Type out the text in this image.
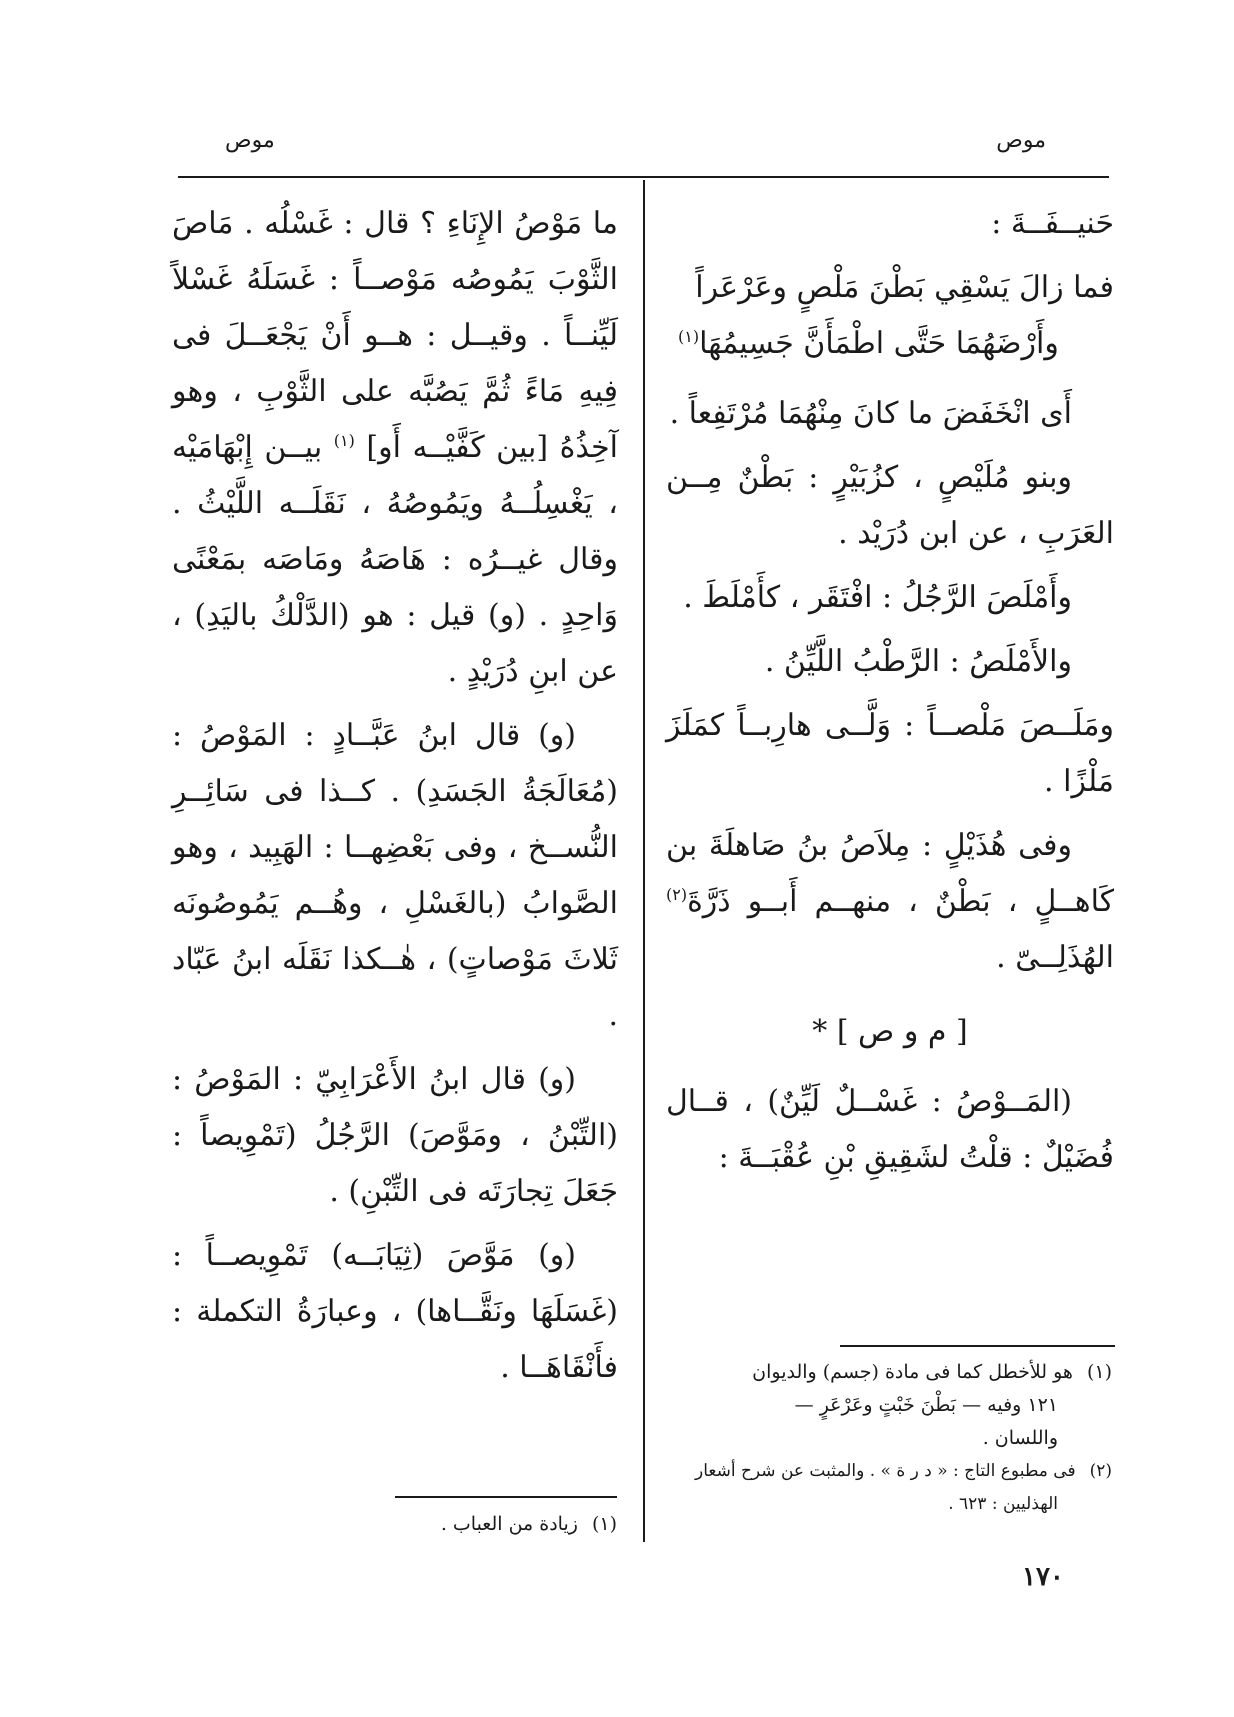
موص
موص

حَنيــفَــةَ :

فما زالَ يَسْقِي بَطْنَ مَلْصٍ وعَرْعَراً

وأَرْضَهُمَا حَتَّى اطْمَأَنَّ جَسِيمُهَا$^{(١)}$

أَى انْخَفَضَ ما كانَ مِنْهُمَا مُرْتَفِعاً .

وبنو مُلَيْصٍ ، كزُبَيْرٍ : بَطْنٌ مِــن العَرَبِ ، عن ابن دُرَيْد .

وأَمْلَصَ الرَّجُلُ : افْتَقَر ، كأَمْلَطَ .

والأَمْلَصُ : الرَّطْبُ اللَّيِّنُ .

ومَلَــصَ مَلْصــاً : وَلَّــى هارِبــاً كمَلَزَ مَلْزًا .

وفى هُذَيْلٍ : مِلاَصُ بنُ صَاهلَةَ بن كَاهــلٍ ، بَطْنٌ ، منهــم أَبــو ذَرَّةَ$^{(٢)}$ الهُذَلِــىّ .

[ م و ص ] *

(المَــوْصُ : غَسْــلٌ لَيِّنٌ) ، قــال فُضَيْلٌ : قلْتُ لشَقِيقِ بْنِ عُقْبَــةَ :

ما مَوْصُ الإِنَاءِ ؟ قال : غَسْلُه . مَاصَ الثَّوْبَ يَمُوصُه مَوْصــاً : غَسَلَهُ غَسْلاً لَيِّنــاً . وقيــل : هــو أَنْ يَجْعَــلَ فى فِيهِ مَاءً ثُمَّ يَصُبَّه على الثَّوْبِ ، وهو آخِذُهُ [بين كَفَّيْــه أَو] $^{(١)}$ بيــن إِبْهَامَيْه ، يَغْسِلُــهُ ويَمُوصُهُ ، نَقَلَــه اللَّيْثُ . وقال غيــرُه : هَاصَهُ ومَاصَه بمَعْنًى وَاحِدٍ . (و) قيل : هو (الدَّلْكُ باليَدِ) ، عن ابنِ دُرَيْدٍ .

(و) قال ابنُ عَبَّــادٍ : المَوْصُ : (مُعَالَجَةُ الجَسَدِ) . كــذا فى سَائِــرِ النُّســخ ، وفى بَعْضِهــا : الهَبِيد ، وهو الصَّوابُ (بالغَسْلِ ، وهُــم يَمُوصُونَه ثَلاثَ مَوْصاتٍ) ، هٰــكذا نَقَلَه ابنُ عَبّاد .

(و) قال ابنُ الأَعْرَابِيّ : المَوْصُ : (التِّبْنُ ، ومَوَّصَ) الرَّجُلُ (تَمْوِيصاً : جَعَلَ تِجارَتَه فى التِّبْنِ) .

(و) مَوَّصَ (ثِيَابَــه) تَمْوِيصــاً : (غَسَلَهَا ونَقَّــاها) ، وعبارَةُ التكملة : فأَنْقَاهَــا .	(١)هو للأخطل كما فى مادة (جسم) والديوان
١٢١ وفيه — بَطْنَ خَبْتٍ وعَرْعَرٍ —
واللسان .
(٢)فى مطبوع التاج : « د ر ة » . والمثبت عن شرح أشعار
الهذليين : ٦٢٣ .
(١)زيادة من العباب .
١٧٠
